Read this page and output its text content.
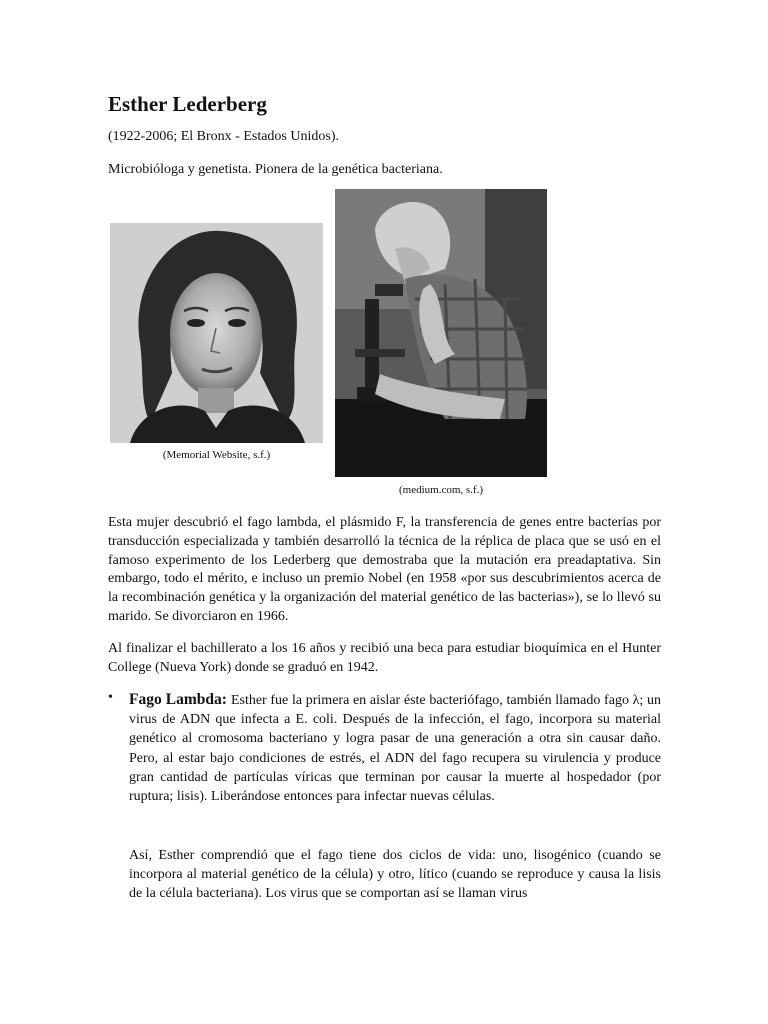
Esther Lederberg

(1922-2006; El Bronx - Estados Unidos).

Microbióloga y genetista. Pionera de la genética bacteriana.

(Memorial Website, s.f.)
(medium.com, s.f.)

Esta mujer descubrió el fago lambda, el plásmido F, la transferencia de genes entre bacterias por transducción especializada y también desarrolló la técnica de la réplica de placa que se usó en el famoso experimento de los Lederberg que demostraba que la mutación era preadaptativa. Sin embargo, todo el mérito, e incluso un premio Nobel (en 1958 «por sus descubrimientos acerca de la recombinación genética y la organización del material genético de las bacterias»), se lo llevó su marido. Se divorciaron en 1966.

Al finalizar el bachillerato a los 16 años y recibió una beca para estudiar bioquímica en el Hunter College (Nueva York) donde se graduó en 1942.

• Fago Lambda: Esther fue la primera en aislar éste bacteriófago, también llamado fago λ; un virus de ADN que infecta a E. coli. Después de la infección, el fago, incorpora su material genético al cromosoma bacteriano y logra pasar de una generación a otra sin causar daño. Pero, al estar bajo condiciones de estrés, el ADN del fago recupera su virulencia y produce gran cantidad de partículas víricas que terminan por causar la muerte al hospedador (por ruptura; lisis). Liberándose entonces para infectar nuevas células.

Así, Esther comprendió que el fago tiene dos ciclos de vida: uno, lisogénico (cuando se incorpora al material genético de la célula) y otro, lítico (cuando se reproduce y causa la lisis de la célula bacteriana). Los virus que se comportan así se llaman virus
